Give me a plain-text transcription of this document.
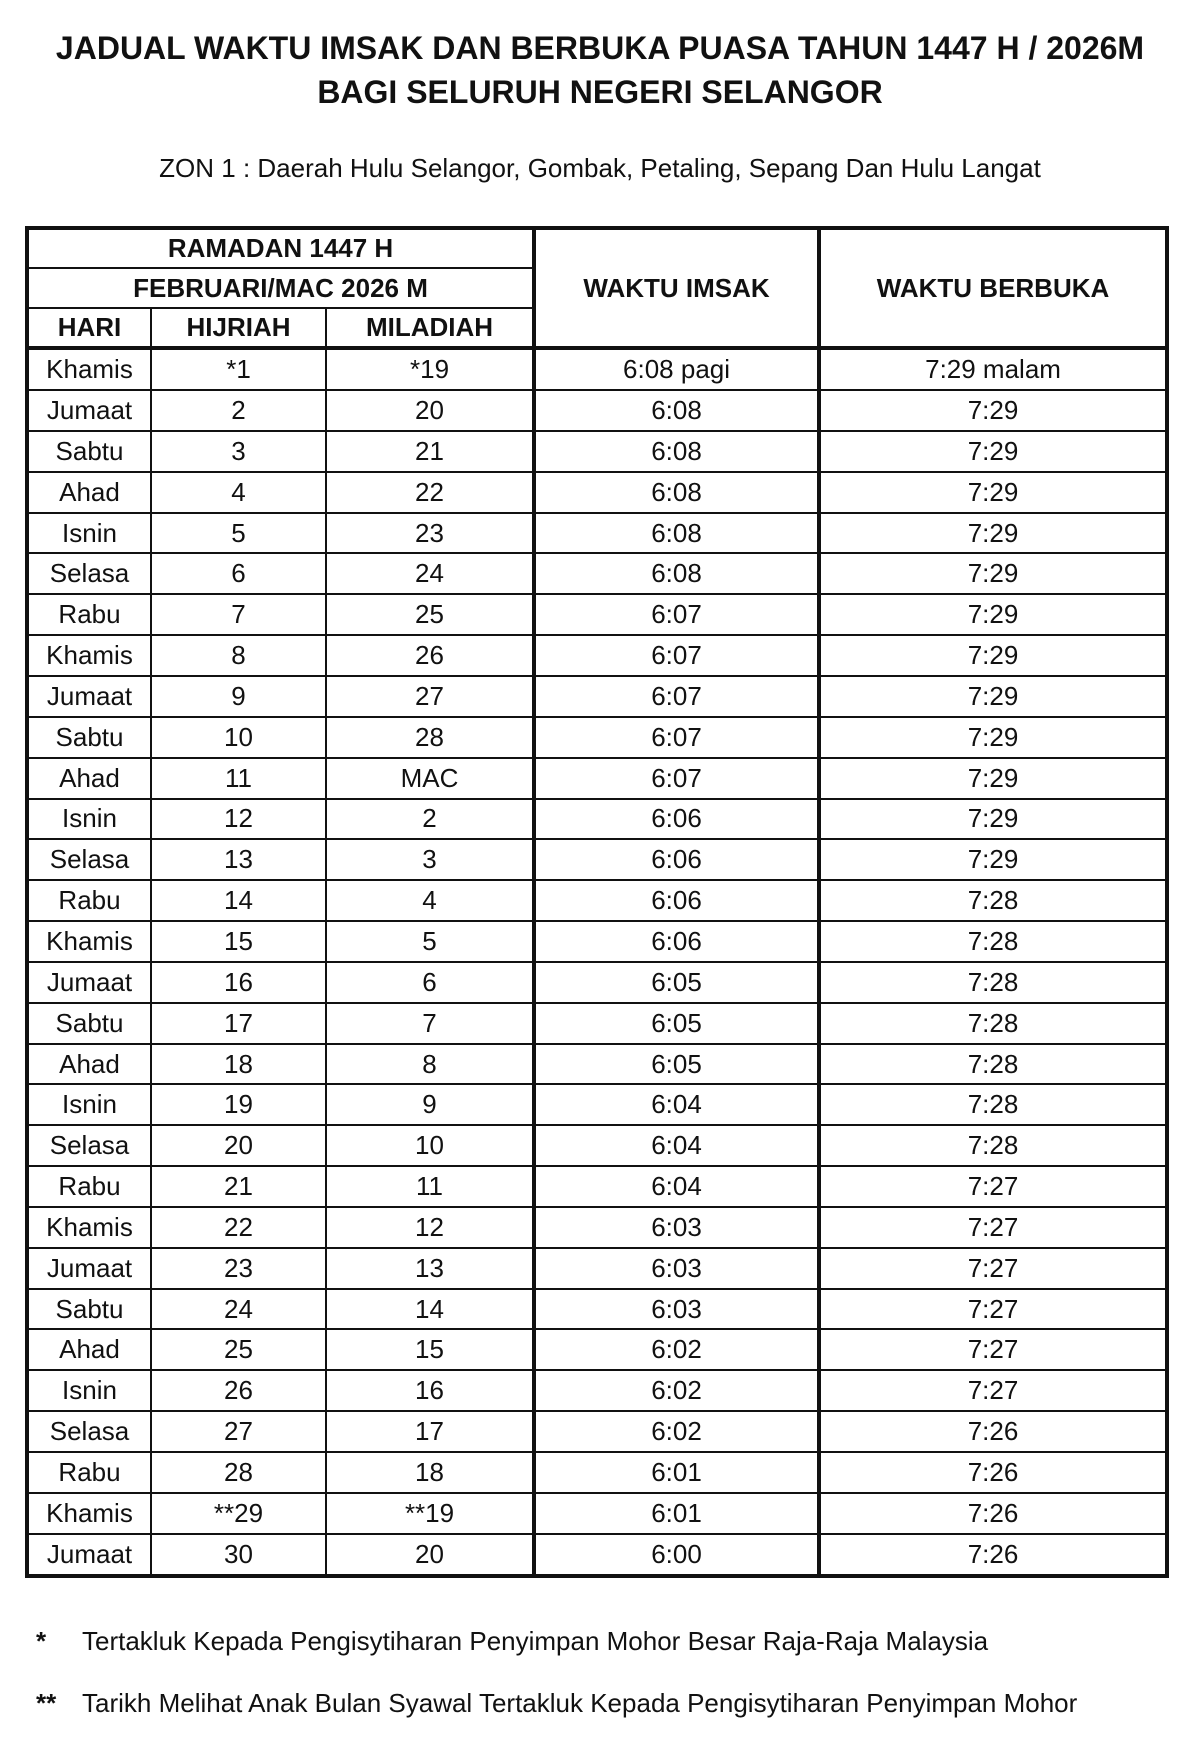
JADUAL WAKTU IMSAK DAN BERBUKA PUASA TAHUN 1447 H / 2026M
BAGI SELURUH NEGERI SELANGOR
ZON 1 : Daerah Hulu Selangor, Gombak, Petaling, Sepang Dan Hulu Langat
RAMADAN 1447 H			WAKTU IMSAK	WAKTU BERBUKA
FEBRUARI/MAC 2026 M				
HARI	HIJRIAH	MILADIAH		
Khamis	*1	*19	6:08 pagi	7:29 malam
Jumaat	2	20	6:08	7:29
Sabtu	3	21	6:08	7:29
Ahad	4	22	6:08	7:29
Isnin	5	23	6:08	7:29
Selasa	6	24	6:08	7:29
Rabu	7	25	6:07	7:29
Khamis	8	26	6:07	7:29
Jumaat	9	27	6:07	7:29
Sabtu	10	28	6:07	7:29
Ahad	11	MAC	6:07	7:29
Isnin	12	2	6:06	7:29
Selasa	13	3	6:06	7:29
Rabu	14	4	6:06	7:28
Khamis	15	5	6:06	7:28
Jumaat	16	6	6:05	7:28
Sabtu	17	7	6:05	7:28
Ahad	18	8	6:05	7:28
Isnin	19	9	6:04	7:28
Selasa	20	10	6:04	7:28
Rabu	21	11	6:04	7:27
Khamis	22	12	6:03	7:27
Jumaat	23	13	6:03	7:27
Sabtu	24	14	6:03	7:27
Ahad	25	15	6:02	7:27
Isnin	26	16	6:02	7:27
Selasa	27	17	6:02	7:26
Rabu	28	18	6:01	7:26
Khamis	**29	**19	6:01	7:26
Jumaat	30	20	6:00	7:26
* Tertakluk Kepada Pengisytiharan Penyimpan Mohor Besar Raja-Raja Malaysia
** Tarikh Melihat Anak Bulan Syawal Tertakluk Kepada Pengisytiharan Penyimpan Mohor
